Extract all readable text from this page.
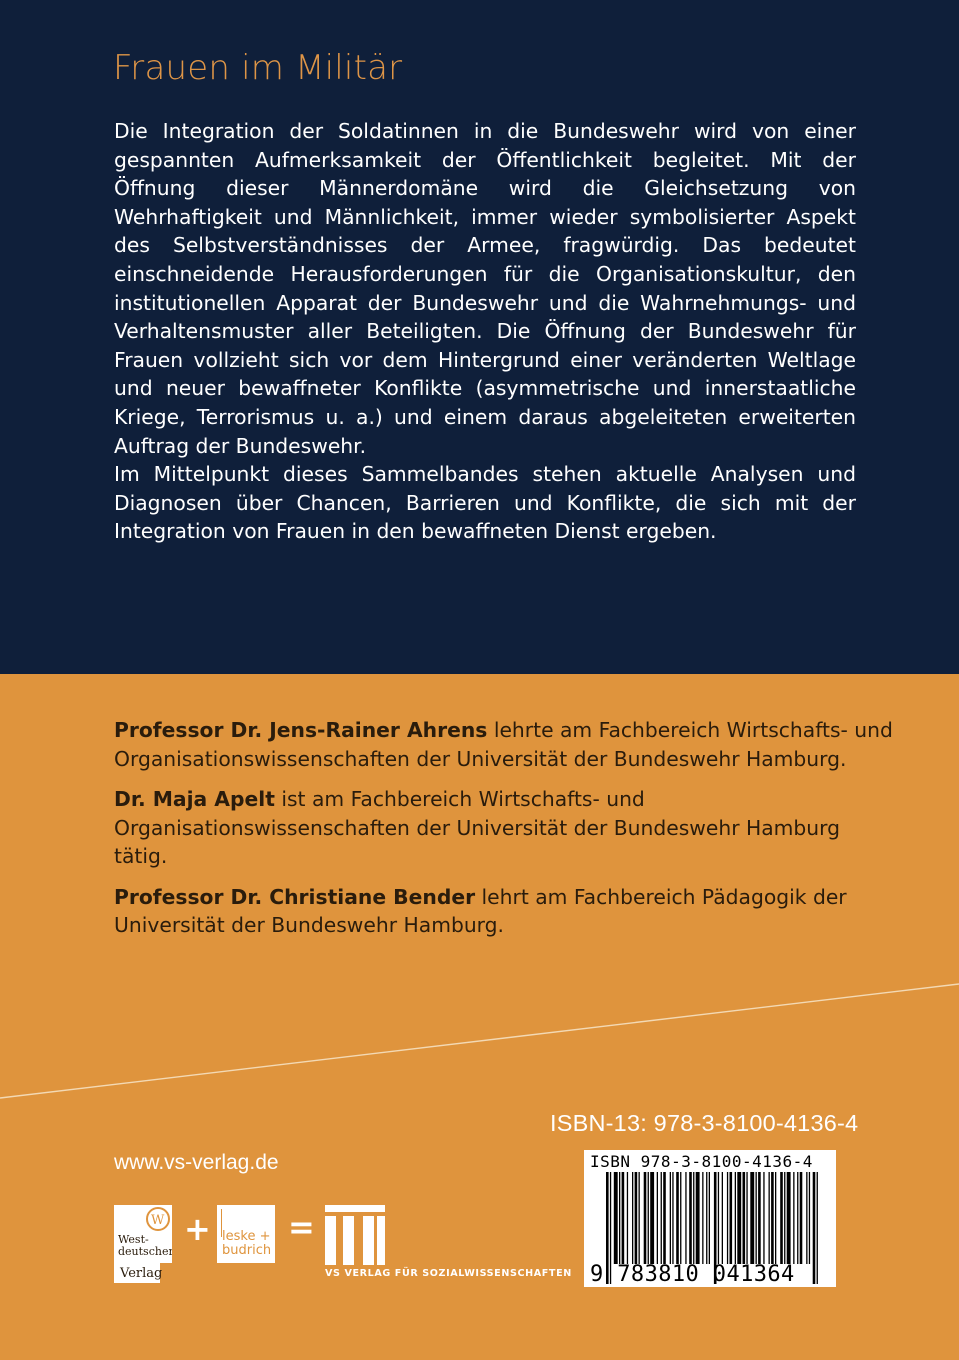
Frauen im Militär

Die Integration der Soldatinnen in die Bundeswehr wird von einer gespannten Aufmerksamkeit der Öffentlichkeit begleitet. Mit der Öffnung dieser Männerdomäne wird die Gleichsetzung von Wehrhaftigkeit und Männlichkeit, immer wieder symbolisierter Aspekt des Selbstverständnisses der Armee, fragwürdig. Das bedeutet einschneidende Herausforderungen für die Organisationskultur, den institutionellen Apparat der Bundeswehr und die Wahrnehmungs- und Verhaltensmuster aller Beteiligten. Die Öffnung der Bundeswehr für Frauen vollzieht sich vor dem Hintergrund einer veränderten Weltlage und neuer bewaffneter Konflikte (asymmetrische und innerstaatliche Kriege, Terrorismus u. a.) und einem daraus abgeleiteten erweiterten Auftrag der Bundeswehr.

Im Mittelpunkt dieses Sammelbandes stehen aktuelle Analysen und Diagnosen über Chancen, Barrieren und Konflikte, die sich mit der Integration von Frauen in den bewaffneten Dienst ergeben.

Professor Dr. Jens-Rainer Ahrens lehrte am Fachbereich Wirtschafts- und Organisationswissenschaften der Universität der Bundeswehr Hamburg.

Dr. Maja Apelt ist am Fachbereich Wirtschafts- und Organisationswissenschaften der Universität der Bundeswehr Hamburg tätig.

Professor Dr. Christiane Bender lehrt am Fachbereich Pädagogik der Universität der Bundeswehr Hamburg.

ISBN-13: 978-3-8100-4136-4
www.vs-verlag.de
W
West-
deutscher
Verlag
+ leske +
budrich
=
VS VERLAG FÜR SOZIALWISSENSCHAFTEN
ISBN 978-3-8100-4136-4
9 783810 041364
